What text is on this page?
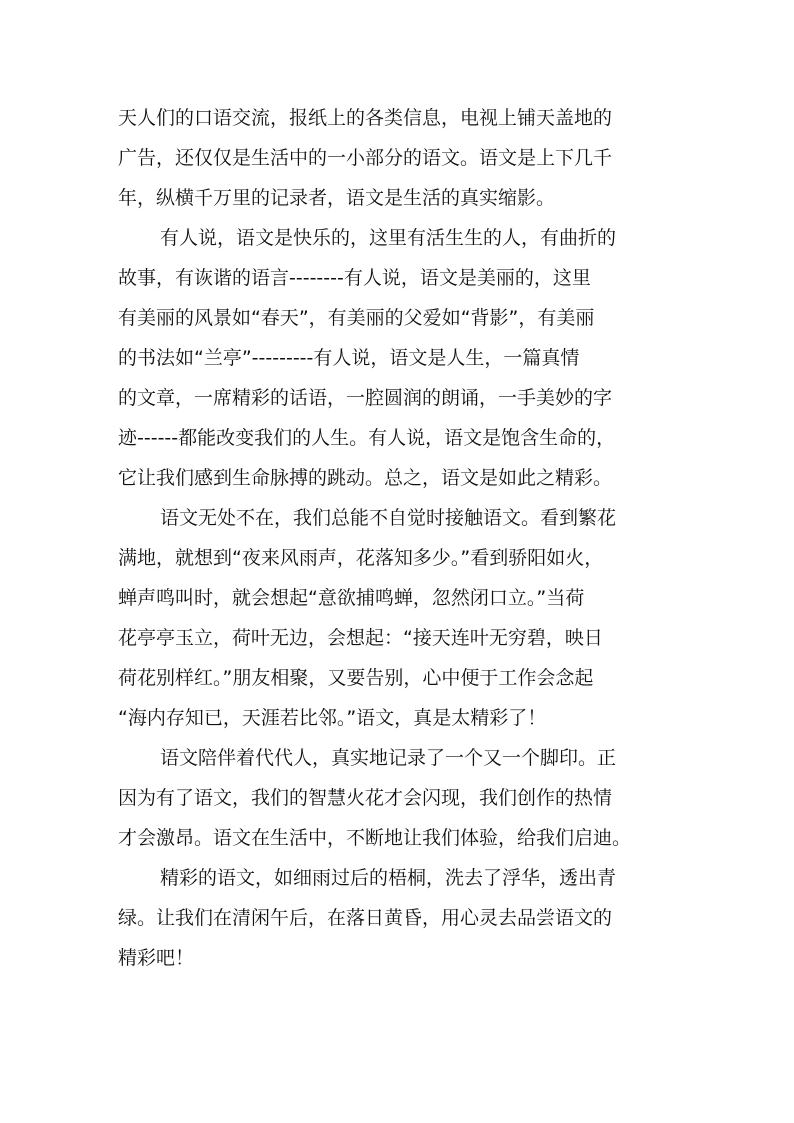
天人们的口语交流，报纸上的各类信息，电视上铺天盖地的
广告，还仅仅是生活中的一小部分的语文。语文是上下几千
年，纵横千万里的记录者，语文是生活的真实缩影。
有人说，语文是快乐的，这里有活生生的人，有曲折的
故事，有诙谐的语言--------有人说，语文是美丽的，这里
有美丽的风景如“春天”，有美丽的父爱如“背影”，有美丽
的书法如“兰亭”---------有人说，语文是人生，一篇真情
的文章，一席精彩的话语，一腔圆润的朗诵，一手美妙的字
迹------都能改变我们的人生。有人说，语文是饱含生命的，
它让我们感到生命脉搏的跳动。总之，语文是如此之精彩。
语文无处不在，我们总能不自觉时接触语文。看到繁花
满地，就想到“夜来风雨声，花落知多少。”看到骄阳如火，
蝉声鸣叫时，就会想起“意欲捕鸣蝉，忽然闭口立。”当荷
花亭亭玉立，荷叶无边，会想起：“接天连叶无穷碧，映日
荷花别样红。”朋友相聚，又要告别，心中便于工作会念起
“海内存知已，天涯若比邻。”语文，真是太精彩了！
语文陪伴着代代人，真实地记录了一个又一个脚印。正
因为有了语文，我们的智慧火花才会闪现，我们创作的热情
才会激昂。语文在生活中，不断地让我们体验，给我们启迪。
精彩的语文，如细雨过后的梧桐，洗去了浮华，透出青
绿。让我们在清闲午后，在落日黄昏，用心灵去品尝语文的
精彩吧！
